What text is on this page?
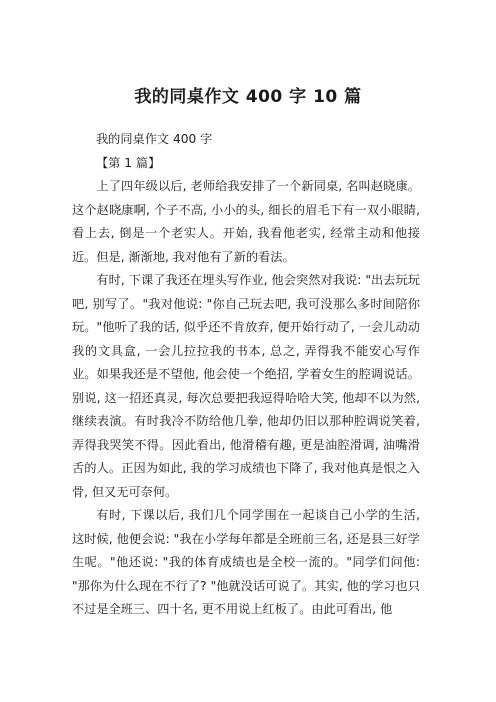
我的同桌作文 400 字 10 篇

我的同桌作文 400 字

【第 1 篇】

上了四年级以后, 老师给我安排了一个新同桌, 名叫赵晓康。这个赵晓康啊, 个子不高, 小小的头, 细长的眉毛下有一双小眼睛, 看上去, 倒是一个老实人。开始, 我看他老实, 经常主动和他接近。但是, 渐渐地, 我对他有了新的看法。

有时, 下课了我还在埋头写作业, 他会突然对我说: "出去玩玩吧, 别写了。"我对他说: "你自己玩去吧, 我可没那么多时间陪你玩。"他听了我的话, 似乎还不肯放弃, 便开始行动了, 一会儿动动我的文具盒, 一会儿拉拉我的书本, 总之, 弄得我不能安心写作业。如果我还是不望他, 他会使一个绝招, 学着女生的腔调说话。别说, 这一招还真灵, 每次总要把我逗得哈哈大笑, 他却不以为然, 继续表演。有时我冷不防给他几拳, 他却仍旧以那种腔调说笑着, 弄得我哭笑不得。因此看出, 他滑稽有趣, 更是油腔滑调, 油嘴滑舌的人。正因为如此, 我的学习成绩也下降了, 我对他真是恨之入骨, 但又无可奈何。

有时, 下课以后, 我们几个同学围在一起谈自己小学的生活, 这时候, 他便会说: "我在小学每年都是全班前三名, 还是县三好学生呢。"他还说: "我的体育成绩也是全校一流的。"同学们问他: "那你为什么现在不行了? "他就没话可说了。其实, 他的学习也只不过是全班三、四十名, 更不用说上红板了。由此可看出, 他
